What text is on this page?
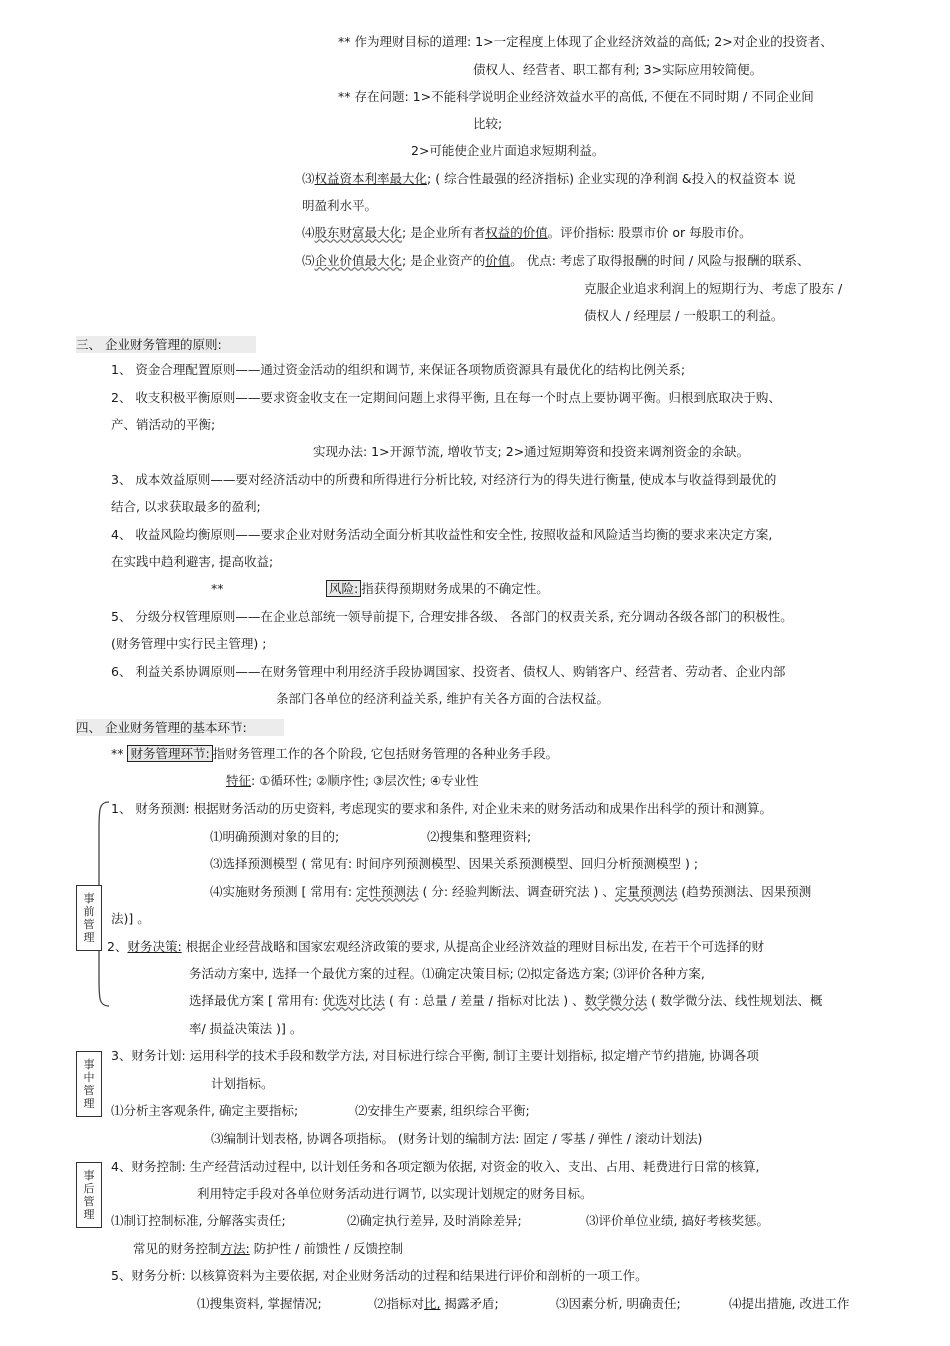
** 作为理财目标的道理: 1>一定程度上体现了企业经济效益的高低; 2>对企业的投资者、
债权人、经营者、职工都有利; 3>实际应用较简便。
** 存在问题: 1>不能科学说明企业经济效益水平的高低, 不便在不同时期 / 不同企业间
比较;
2>可能使企业片面追求短期利益。
⑶权益资本利率最大化; ( 综合性最强的经济指标) 企业实现的净利润 &投入的权益资本 说
明盈利水平。
⑷股东财富最大化; 是企业所有者权益的价值。评价指标: 股票市价 or 每股市价。
⑸企业价值最大化; 是企业资产的价值。 优点: 考虑了取得报酬的时间 / 风险与报酬的联系、
克服企业追求利润上的短期行为、考虑了股东 /
债权人 / 经理层 / 一般职工的利益。
三、 企业财务管理的原则:
1、 资金合理配置原则——通过资金活动的组织和调节, 来保证各项物质资源具有最优化的结构比例关系;
2、 收支积极平衡原则——要求资金收支在一定期间问题上求得平衡, 且在每一个时点上要协调平衡。归根到底取决于购、
产、销活动的平衡;
实现办法: 1>开源节流, 增收节支; 2>通过短期筹资和投资来调剂资金的余缺。
3、 成本效益原则——要对经济活动中的所费和所得进行分析比较, 对经济行为的得失进行衡量, 使成本与收益得到最优的
结合, 以求获取最多的盈利;
4、 收益风险均衡原则——要求企业对财务活动全面分析其收益性和安全性, 按照收益和风险适当均衡的要求来决定方案,
在实践中趋利避害, 提高收益;
**	风险: 指获得预期财务成果的不确定性。
5、 分级分权管理原则——在企业总部统一领导前提下, 合理安排各级、 各部门的权责关系, 充分调动各级各部门的积极性。
(财务管理中实行民主管理) ;
6、 利益关系协调原则——在财务管理中利用经济手段协调国家、投资者、债权人、购销客户、经营者、劳动者、企业内部
条部门各单位的经济利益关系, 维护有关各方面的合法权益。
四、 企业财务管理的基本环节:
** 财务管理环节: 指财务管理工作的各个阶段, 它包括财务管理的各种业务手段。
特征: ①循环性; ②顺序性; ③层次性; ④专业性
事
前
管
理
1、 财务预测: 根据财务活动的历史资料, 考虑现实的要求和条件, 对企业未来的财务活动和成果作出科学的预计和测算。
⑴明确预测对象的目的;	⑵搜集和整理资料;
⑶选择预测模型 ( 常见有: 时间序列预测模型、因果关系预测模型、回归分析预测模型 ) ;
⑷实施财务预测 [ 常用有: 定性预测法 ( 分: 经验判断法、调查研究法 ) 、定量预测法 (趋势预测法、因果预测
法)] 。
2、财务决策: 根据企业经营战略和国家宏观经济政策的要求, 从提高企业经济效益的理财目标出发, 在若干个可选择的财
务活动方案中, 选择一个最优方案的过程。⑴确定决策目标; ⑵拟定备选方案; ⑶评价各种方案,
选择最优方案 [ 常用有: 优选对比法 ( 有 : 总量 / 差量 / 指标对比法 ) 、数学微分法 ( 数学微分法、线性规划法、概
率/ 损益决策法 )] 。
事
中
管
理
3、财务计划: 运用科学的技术手段和数学方法, 对目标进行综合平衡, 制订主要计划指标, 拟定增产节约措施, 协调各项
计划指标。
⑴分析主客观条件, 确定主要指标;	⑵安排生产要素, 组织综合平衡;
⑶编制计划表格, 协调各项指标。 (财务计划的编制方法: 固定 / 零基 / 弹性 / 滚动计划法)
事
后
管
理
4、财务控制: 生产经营活动过程中, 以计划任务和各项定额为依据, 对资金的收入、支出、占用、耗费进行日常的核算,
利用特定手段对各单位财务活动进行调节, 以实现计划规定的财务目标。
⑴制订控制标准, 分解落实责任;	⑵确定执行差异, 及时消除差异;	⑶评价单位业绩, 搞好考核奖惩。
常见的财务控制方法: 防护性 / 前馈性 / 反馈控制
5、财务分析: 以核算资料为主要依据, 对企业财务活动的过程和结果进行评价和剖析的一项工作。
⑴搜集资料, 掌握情况;	⑵指标对比, 揭露矛盾;	⑶因素分析, 明确责任;	⑷提出措施, 改进工作
